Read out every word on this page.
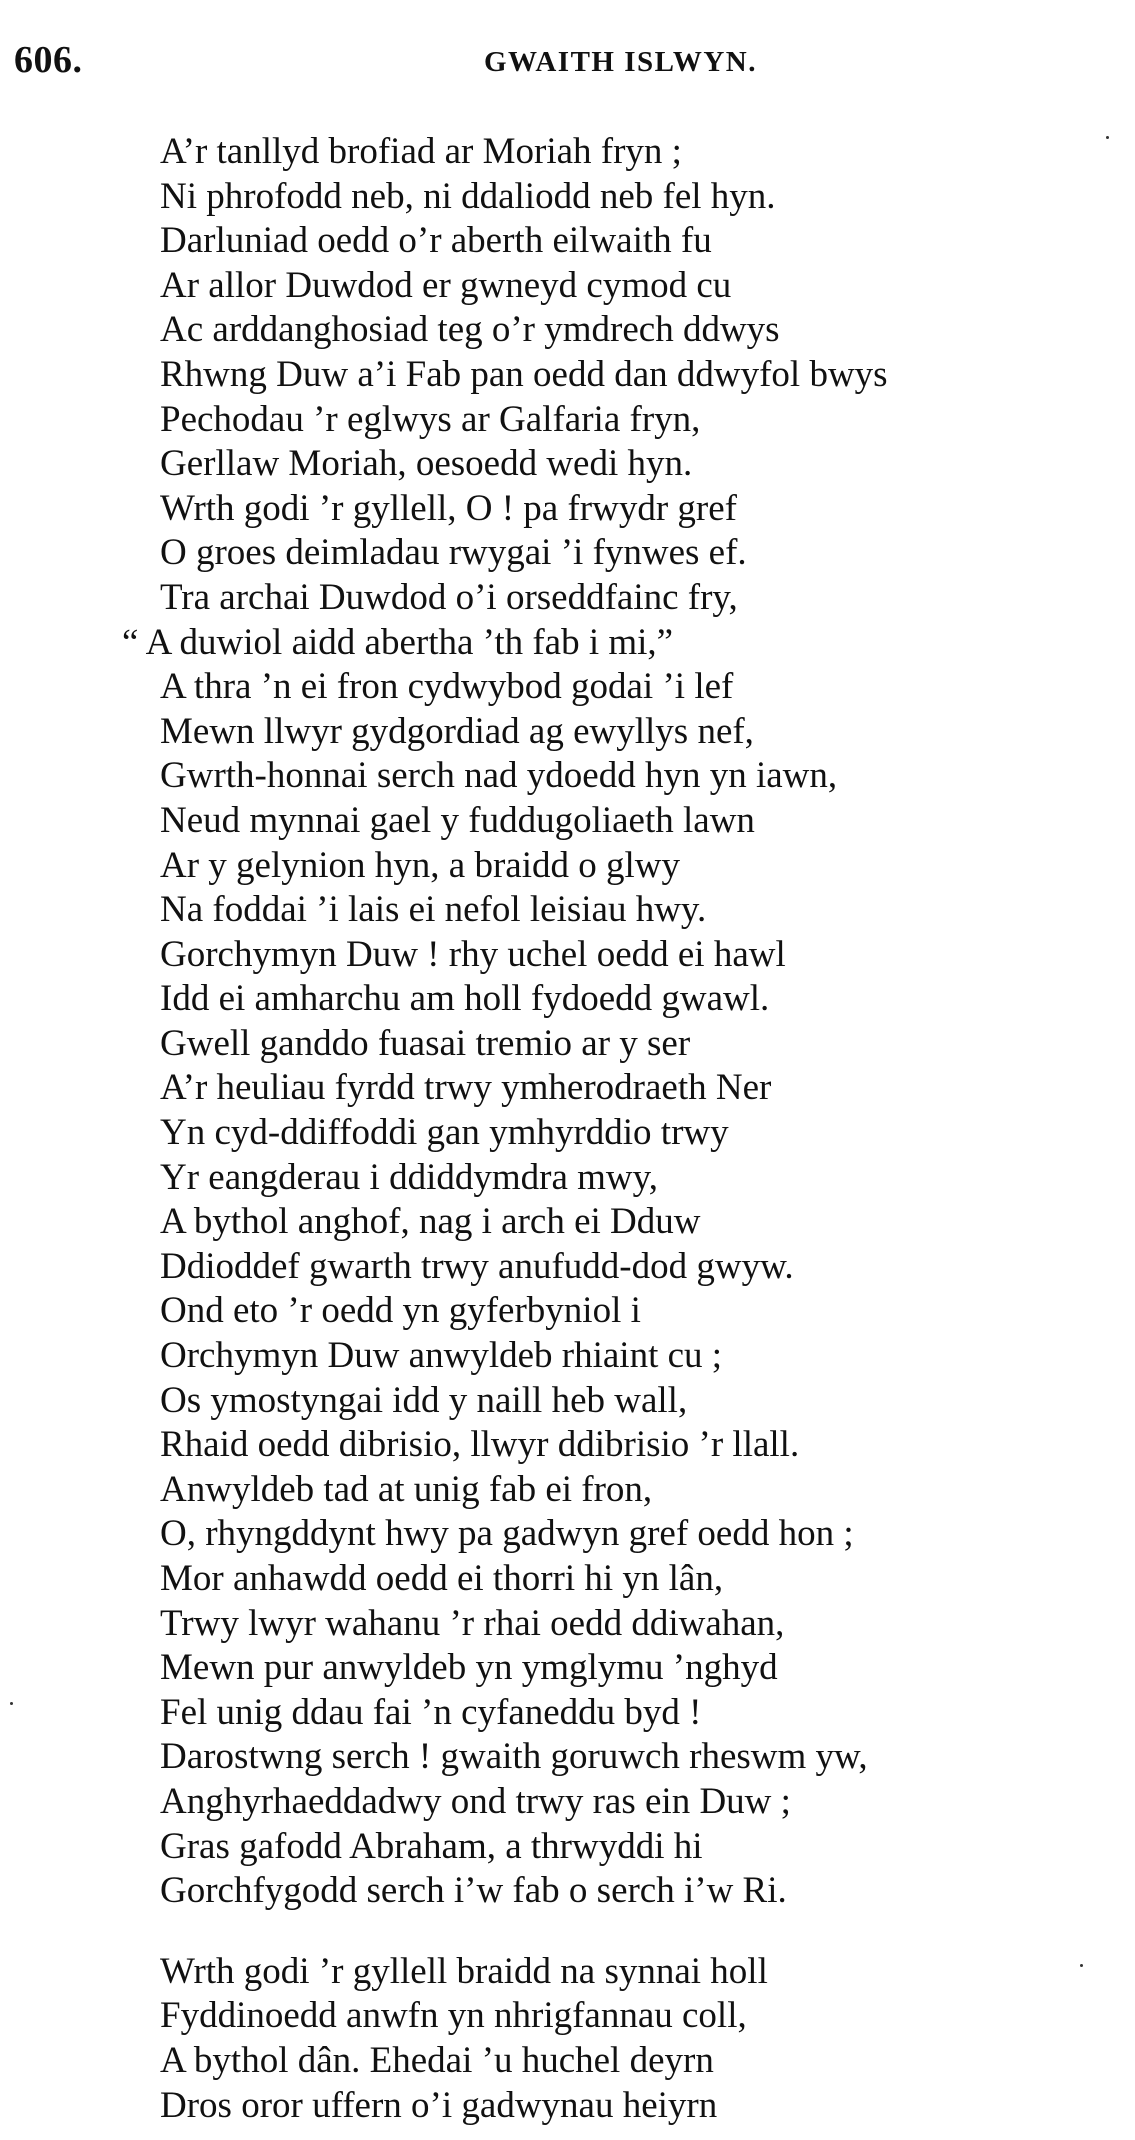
606.	GWAITH ISLWYN.
A’r tanllyd brofiad ar Moriah fryn ;
Ni phrofodd neb, ni ddaliodd neb fel hyn.
Darluniad oedd o’r aberth eilwaith fu
Ar allor Duwdod er gwneyd cymod cu
Ac arddanghosiad teg o’r ymdrech ddwys
Rhwng Duw a’i Fab pan oedd dan ddwyfol bwys
Pechodau ’r eglwys ar Galfaria fryn,
Gerllaw Moriah, oesoedd wedi hyn.
Wrth godi ’r gyllell, O ! pa frwydr gref
O groes deimladau rwygai ’i fynwes ef.
Tra archai Duwdod o’i orseddfainc fry,
“ A duwiol aidd abertha ’th fab i mi,”
A thra ’n ei fron cydwybod godai ’i lef
Mewn llwyr gydgordiad ag ewyllys nef,
Gwrth-honnai serch nad ydoedd hyn yn iawn,
Neud mynnai gael y fuddugoliaeth lawn
Ar y gelynion hyn, a braidd o glwy
Na foddai ’i lais ei nefol leisiau hwy.
Gorchymyn Duw ! rhy uchel oedd ei hawl
Idd ei amharchu am holl fydoedd gwawl.
Gwell ganddo fuasai tremio ar y ser
A’r heuliau fyrdd trwy ymherodraeth Ner
Yn cyd-ddiffoddi gan ymhyrddio trwy
Yr eangderau i ddiddymdra mwy,
A bythol anghof, nag i arch ei Dduw
Ddioddef gwarth trwy anufudd-dod gwyw.
Ond eto ’r oedd yn gyferbyniol i
Orchymyn Duw anwyldeb rhiaint cu ;
Os ymostyngai idd y naill heb wall,
Rhaid oedd dibrisio, llwyr ddibrisio ’r llall.
Anwyldeb tad at unig fab ei fron,
O, rhyngddynt hwy pa gadwyn gref oedd hon ;
Mor anhawdd oedd ei thorri hi yn lân,
Trwy lwyr wahanu ’r rhai oedd ddiwahan,
Mewn pur anwyldeb yn ymglymu ’nghyd
Fel unig ddau fai ’n cyfaneddu byd !
Darostwng serch ! gwaith goruwch rheswm yw,
Anghyrhaeddadwy ond trwy ras ein Duw ;
Gras gafodd Abraham, a thrwyddi hi
Gorchfygodd serch i’w fab o serch i’w Ri.
Wrth godi ’r gyllell braidd na synnai holl
Fyddinoedd anwfn yn nhrigfannau coll,
A bythol dân. Ehedai ’u huchel deyrn
Dros oror uffern o’i gadwynau heiyrn
